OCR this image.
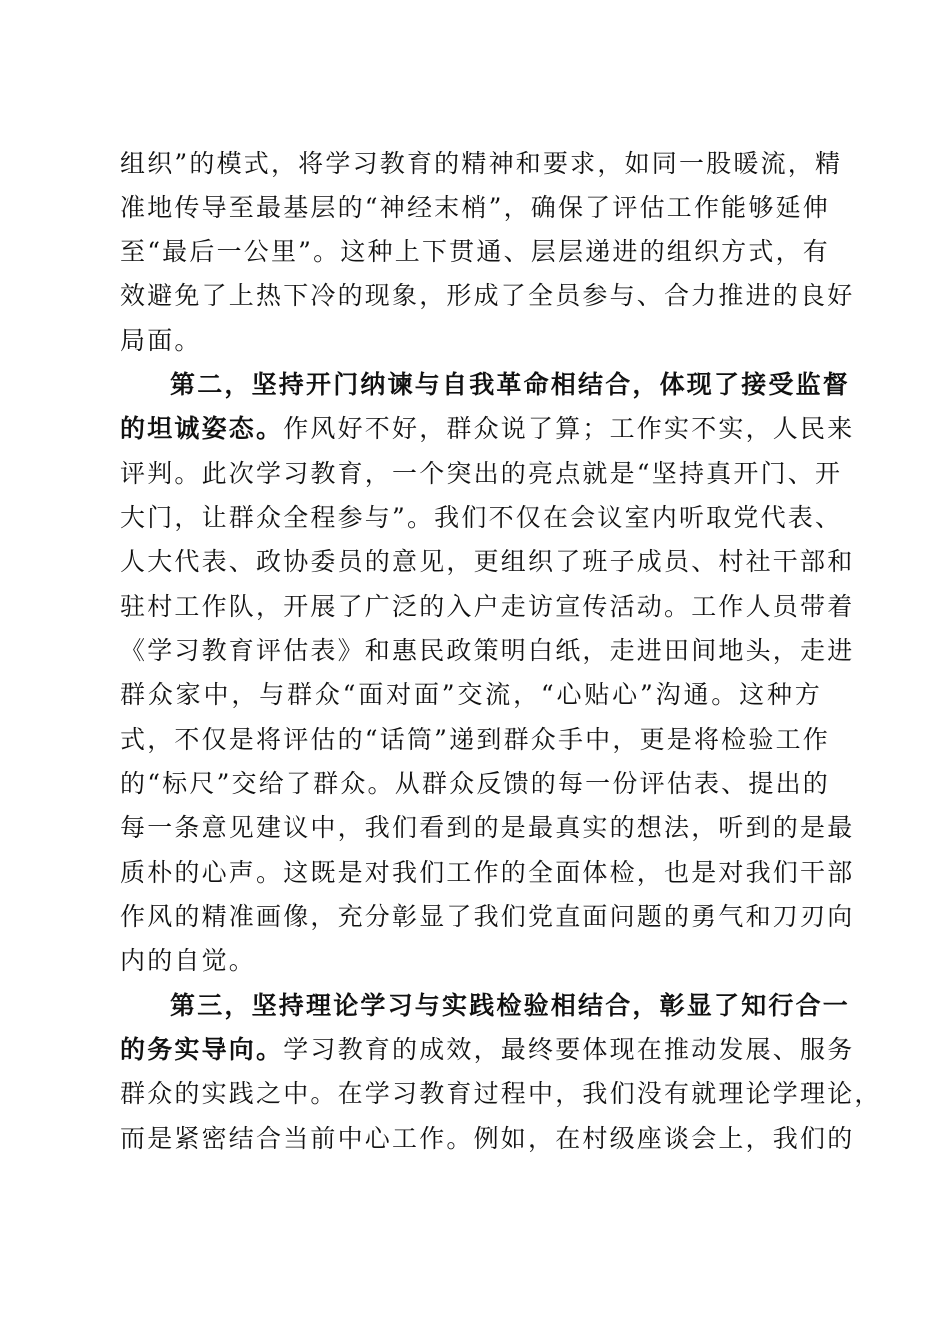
组织”的模式，将学习教育的精神和要求，如同一股暖流，精
准地传导至最基层的“神经末梢”，确保了评估工作能够延伸
至“最后一公里”。这种上下贯通、层层递进的组织方式，有
效避免了上热下冷的现象，形成了全员参与、合力推进的良好
局面。
第二，坚持开门纳谏与自我革命相结合，体现了接受监督
的坦诚姿态。作风好不好，群众说了算；工作实不实，人民来
评判。此次学习教育，一个突出的亮点就是“坚持真开门、开
大门，让群众全程参与”。我们不仅在会议室内听取党代表、
人大代表、政协委员的意见，更组织了班子成员、村社干部和
驻村工作队，开展了广泛的入户走访宣传活动。工作人员带着
《学习教育评估表》和惠民政策明白纸，走进田间地头，走进
群众家中，与群众“面对面”交流，“心贴心”沟通。这种方
式，不仅是将评估的“话筒”递到群众手中，更是将检验工作
的“标尺”交给了群众。从群众反馈的每一份评估表、提出的
每一条意见建议中，我们看到的是最真实的想法，听到的是最
质朴的心声。这既是对我们工作的全面体检，也是对我们干部
作风的精准画像，充分彰显了我们党直面问题的勇气和刀刃向
内的自觉。
第三，坚持理论学习与实践检验相结合，彰显了知行合一
的务实导向。学习教育的成效，最终要体现在推动发展、服务
群众的实践之中。在学习教育过程中，我们没有就理论学理论，
而是紧密结合当前中心工作。例如，在村级座谈会上，我们的
